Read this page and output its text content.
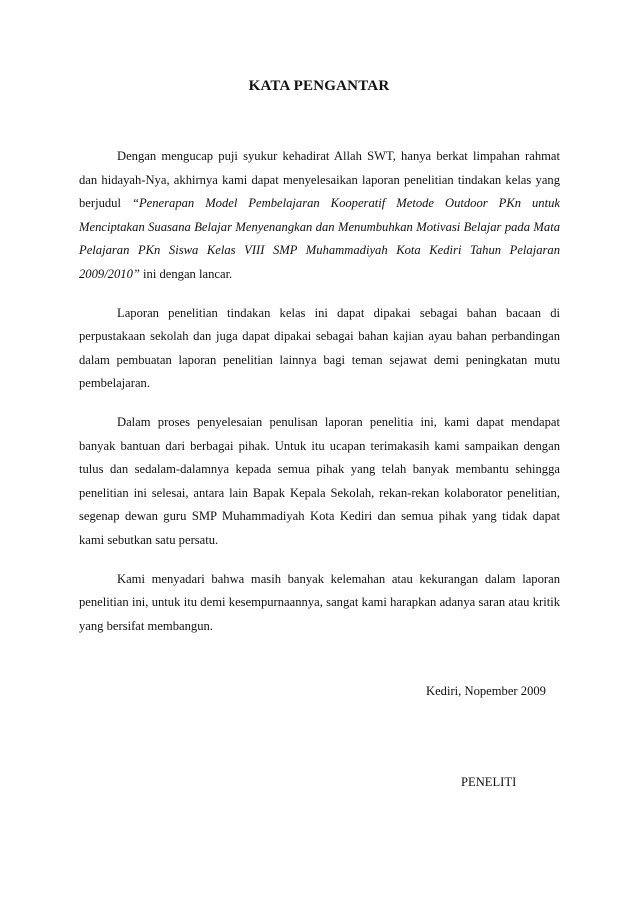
KATA PENGANTAR

Dengan mengucap puji syukur kehadirat Allah SWT, hanya berkat limpahan rahmat dan hidayah-Nya, akhirnya kami dapat menyelesaikan laporan penelitian tindakan kelas yang berjudul “Penerapan Model Pembelajaran Kooperatif Metode Outdoor PKn untuk Menciptakan Suasana Belajar Menyenangkan dan Menumbuhkan Motivasi Belajar pada Mata Pelajaran PKn Siswa Kelas VIII SMP Muhammadiyah Kota Kediri Tahun Pelajaran 2009/2010” ini dengan lancar.

Laporan penelitian tindakan kelas ini dapat dipakai sebagai bahan bacaan di perpustakaan sekolah dan juga dapat dipakai sebagai bahan kajian ayau bahan perbandingan dalam pembuatan laporan penelitian lainnya bagi teman sejawat demi peningkatan mutu pembelajaran.

Dalam proses penyelesaian penulisan laporan penelitia ini, kami dapat mendapat banyak bantuan dari berbagai pihak. Untuk itu ucapan terimakasih kami sampaikan dengan tulus dan sedalam-dalamnya kepada semua pihak yang telah banyak membantu sehingga penelitian ini selesai, antara lain Bapak Kepala Sekolah, rekan-rekan kolaborator penelitian, segenap dewan guru SMP Muhammadiyah Kota Kediri dan semua pihak yang tidak dapat kami sebutkan satu persatu.

Kami menyadari bahwa masih banyak kelemahan atau kekurangan dalam laporan penelitian ini, untuk itu demi kesempurnaannya, sangat kami harapkan adanya saran atau kritik yang bersifat membangun.

Kediri, Nopember 2009
PENELITI
